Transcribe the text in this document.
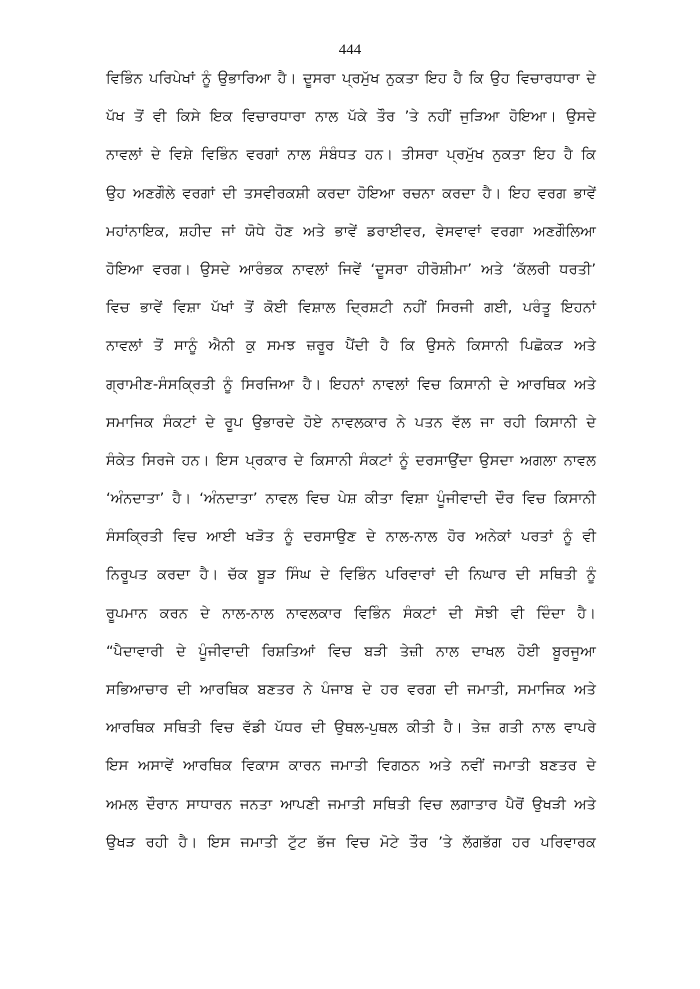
444
ਵਿਭਿੰਨ ਪਰਿਪੇਖਾਂ ਨੂੰ ਉਭਾਰਿਆ ਹੈ। ਦੂਸਰਾ ਪ੍ਰਮੁੱਖ ਨੁਕਤਾ ਇਹ ਹੈ ਕਿ ਉਹ ਵਿਚਾਰਧਾਰਾ ਦੇ
ਪੱਖ ਤੋਂ ਵੀ ਕਿਸੇ ਇਕ ਵਿਚਾਰਧਾਰਾ ਨਾਲ ਪੱਕੇ ਤੌਰ ’ਤੇ ਨਹੀਂ ਜੁੜਿਆ ਹੋਇਆ। ਉਸਦੇ
ਨਾਵਲਾਂ ਦੇ ਵਿਸ਼ੇ ਵਿਭਿੰਨ ਵਰਗਾਂ ਨਾਲ ਸੰਬੰਧਤ ਹਨ। ਤੀਸਰਾ ਪ੍ਰਮੁੱਖ ਨੁਕਤਾ ਇਹ ਹੈ ਕਿ
ਉਹ ਅਣਗੌਲੇ ਵਰਗਾਂ ਦੀ ਤਸਵੀਰਕਸ਼ੀ ਕਰਦਾ ਹੋਇਆ ਰਚਨਾ ਕਰਦਾ ਹੈ। ਇਹ ਵਰਗ ਭਾਵੇਂ
ਮਹਾਂਨਾਇਕ, ਸ਼ਹੀਦ ਜਾਂ ਯੋਧੇ ਹੋਣ ਅਤੇ ਭਾਵੇਂ ਡਰਾਈਵਰ, ਵੇਸਵਾਵਾਂ ਵਰਗਾ ਅਣਗੌਲਿਆ
ਹੋਇਆ ਵਰਗ। ਉਸਦੇ ਆਰੰਭਕ ਨਾਵਲਾਂ ਜਿਵੇਂ ‘ਦੂਸਰਾ ਹੀਰੋਸ਼ੀਮਾ’ ਅਤੇ ‘ਕੱਲਰੀ ਧਰਤੀ’
ਵਿਚ ਭਾਵੇਂ ਵਿਸ਼ਾ ਪੱਖਾਂ ਤੋਂ ਕੋਈ ਵਿਸ਼ਾਲ ਦ੍ਰਿਸ਼ਟੀ ਨਹੀਂ ਸਿਰਜੀ ਗਈ, ਪਰੰਤੂ ਇਹਨਾਂ
ਨਾਵਲਾਂ ਤੋਂ ਸਾਨੂੰ ਐਨੀ ਕੁ ਸਮਝ ਜ਼ਰੂਰ ਪੈਂਦੀ ਹੈ ਕਿ ਉਸਨੇ ਕਿਸਾਨੀ ਪਿਛੋਕੜ ਅਤੇ
ਗ੍ਰਾਮੀਣ-ਸੰਸਕ੍ਰਿਤੀ ਨੂੰ ਸਿਰਜਿਆ ਹੈ। ਇਹਨਾਂ ਨਾਵਲਾਂ ਵਿਚ ਕਿਸਾਨੀ ਦੇ ਆਰਥਿਕ ਅਤੇ
ਸਮਾਜਿਕ ਸੰਕਟਾਂ ਦੇ ਰੂਪ ਉਭਾਰਦੇ ਹੋਏ ਨਾਵਲਕਾਰ ਨੇ ਪਤਨ ਵੱਲ ਜਾ ਰਹੀ ਕਿਸਾਨੀ ਦੇ
ਸੰਕੇਤ ਸਿਰਜੇ ਹਨ। ਇਸ ਪ੍ਰਕਾਰ ਦੇ ਕਿਸਾਨੀ ਸੰਕਟਾਂ ਨੂੰ ਦਰਸਾਉਂਦਾ ਉਸਦਾ ਅਗਲਾ ਨਾਵਲ
‘ਅੰਨਦਾਤਾ’ ਹੈ। ‘ਅੰਨਦਾਤਾ’ ਨਾਵਲ ਵਿਚ ਪੇਸ਼ ਕੀਤਾ ਵਿਸ਼ਾ ਪੂੰਜੀਵਾਦੀ ਦੌਰ ਵਿਚ ਕਿਸਾਨੀ
ਸੰਸਕ੍ਰਿਤੀ ਵਿਚ ਆਈ ਖੜੋਤ ਨੂੰ ਦਰਸਾਉਣ ਦੇ ਨਾਲ-ਨਾਲ ਹੋਰ ਅਨੇਕਾਂ ਪਰਤਾਂ ਨੂੰ ਵੀ
ਨਿਰੂਪਤ ਕਰਦਾ ਹੈ। ਚੱਕ ਬੂੜ ਸਿੰਘ ਦੇ ਵਿਭਿੰਨ ਪਰਿਵਾਰਾਂ ਦੀ ਨਿਘਾਰ ਦੀ ਸਥਿਤੀ ਨੂੰ
ਰੂਪਮਾਨ ਕਰਨ ਦੇ ਨਾਲ-ਨਾਲ ਨਾਵਲਕਾਰ ਵਿਭਿੰਨ ਸੰਕਟਾਂ ਦੀ ਸੋਝੀ ਵੀ ਦਿੰਦਾ ਹੈ।
“ਪੈਦਾਵਾਰੀ ਦੇ ਪੂੰਜੀਵਾਦੀ ਰਿਸ਼ਤਿਆਂ ਵਿਚ ਬੜੀ ਤੇਜ਼ੀ ਨਾਲ ਦਾਖਲ ਹੋਈ ਬੂਰਜੂਆ
ਸਭਿਆਚਾਰ ਦੀ ਆਰਥਿਕ ਬਣਤਰ ਨੇ ਪੰਜਾਬ ਦੇ ਹਰ ਵਰਗ ਦੀ ਜਮਾਤੀ, ਸਮਾਜਿਕ ਅਤੇ
ਆਰਥਿਕ ਸਥਿਤੀ ਵਿਚ ਵੱਡੀ ਪੱਧਰ ਦੀ ਉਥਲ-ਪੁਥਲ ਕੀਤੀ ਹੈ। ਤੇਜ਼ ਗਤੀ ਨਾਲ ਵਾਪਰੇ
ਇਸ ਅਸਾਵੇਂ ਆਰਥਿਕ ਵਿਕਾਸ ਕਾਰਨ ਜਮਾਤੀ ਵਿਗਠਨ ਅਤੇ ਨਵੀਂ ਜਮਾਤੀ ਬਣਤਰ ਦੇ
ਅਮਲ ਦੌਰਾਨ ਸਾਧਾਰਨ ਜਨਤਾ ਆਪਣੀ ਜਮਾਤੀ ਸਥਿਤੀ ਵਿਚ ਲਗਾਤਾਰ ਪੈਰੋਂ ਉਖੜੀ ਅਤੇ
ਉਖੜ ਰਹੀ ਹੈ। ਇਸ ਜਮਾਤੀ ਟੁੱਟ ਭੱਜ ਵਿਚ ਮੋਟੇ ਤੌਰ ’ਤੇ ਲੱਗਭੱਗ ਹਰ ਪਰਿਵਾਰਕ
